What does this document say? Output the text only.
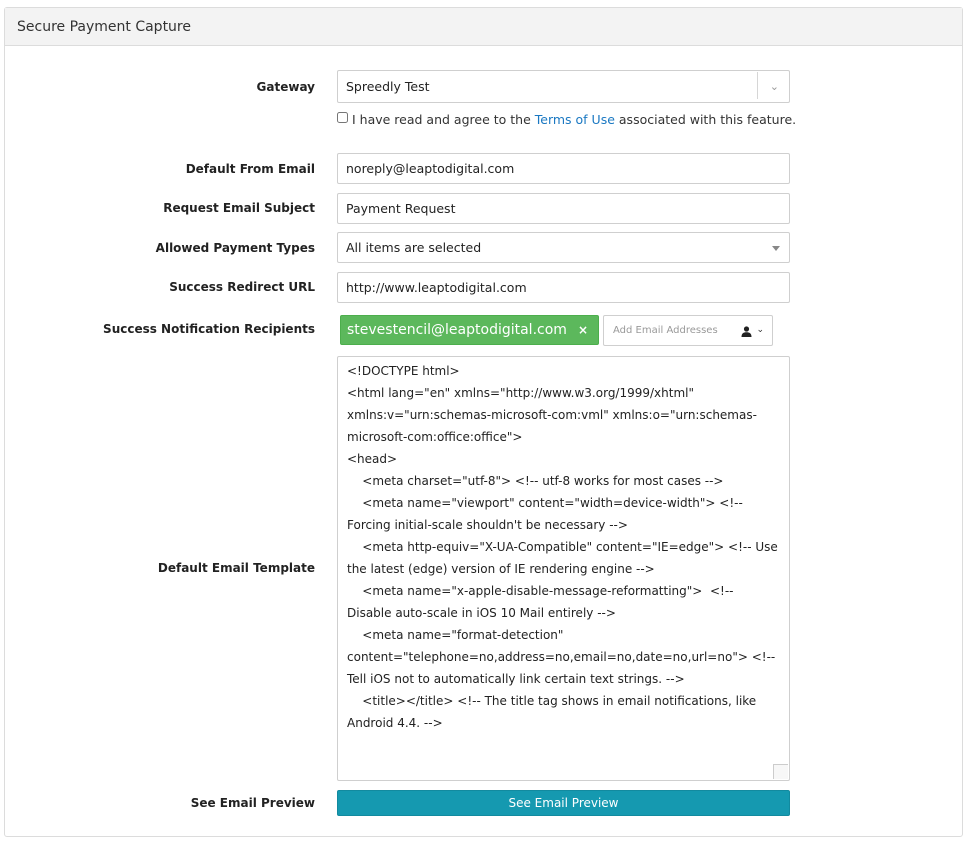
Secure Payment Capture
Gateway	Spreedly Test	⌄
I have read and agree to the Terms of Use associated with this feature.
Default From Email	noreply@leaptodigital.com
Request Email Subject	Payment Request
Allowed Payment Types	All items are selected
Success Redirect URL	http://www.leaptodigital.com
Success Notification Recipients	stevestencil@leaptodigital.com ×	Add Email Addresses	⌄
Default Email Template
<!DOCTYPE html>
<html lang="en" xmlns="http://www.w3.org/1999/xhtml" xmlns:v="urn:schemas-microsoft-com:vml" xmlns:o="urn:schemas-microsoft-com:office:office">
<head>
<meta charset="utf-8"> <!-- utf-8 works for most cases -->
<meta name="viewport" content="width=device-width"> <!-- Forcing initial-scale shouldn't be necessary -->
<meta http-equiv="X-UA-Compatible" content="IE=edge"> <!-- Use the latest (edge) version of IE rendering engine -->
<meta name="x-apple-disable-message-reformatting">  <!-- Disable auto-scale in iOS 10 Mail entirely -->
<meta name="format-detection" content="telephone=no,address=no,email=no,date=no,url=no"> <!-- Tell iOS not to automatically link certain text strings. -->
<title></title> <!-- The title tag shows in email notifications, like Android 4.4. -->
See Email Preview	See Email Preview
